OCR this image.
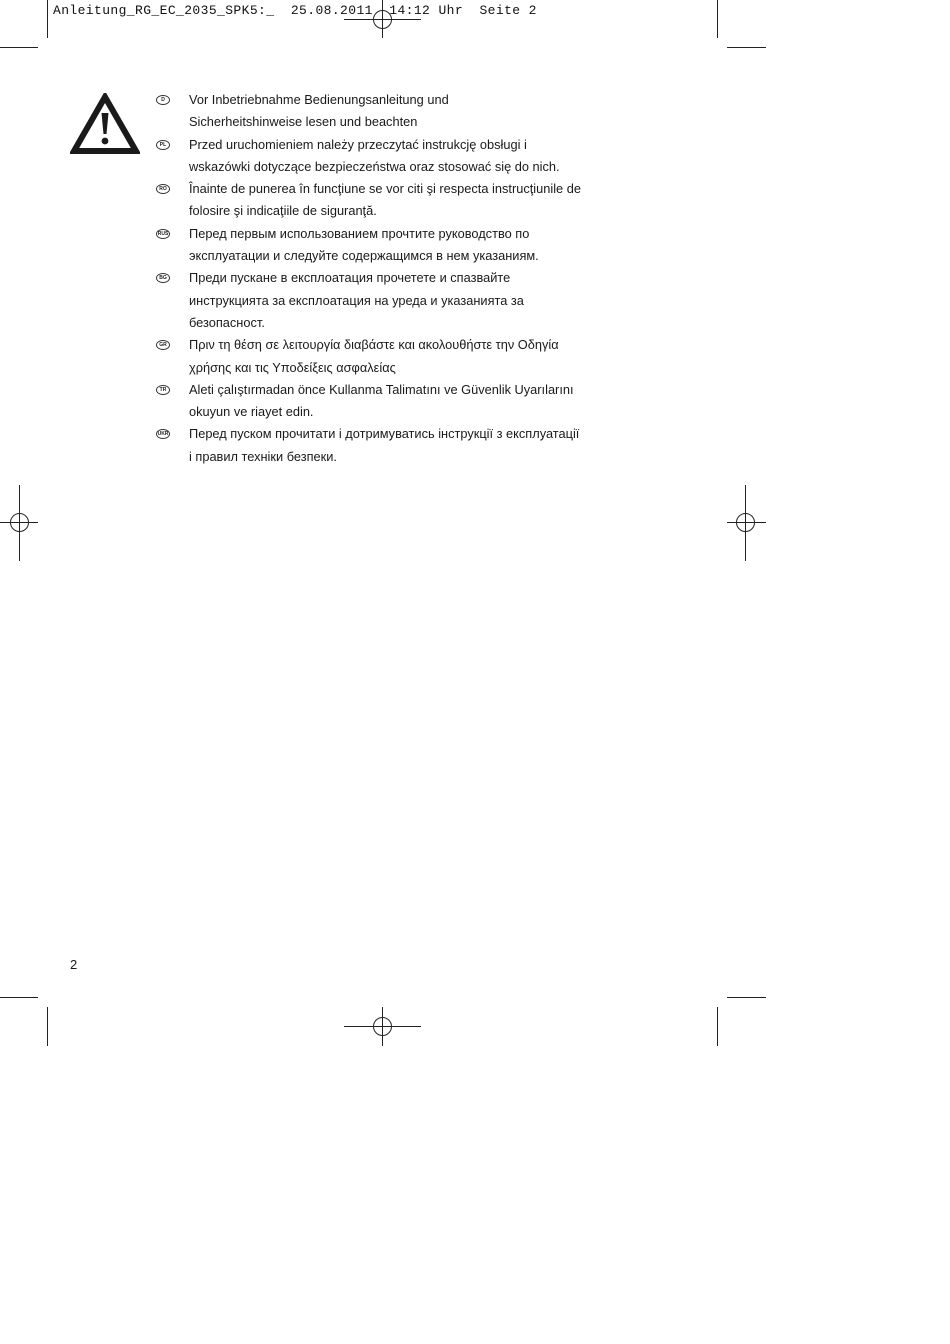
Anleitung_RG_EC_2035_SPK5:_  25.08.2011  14:12 Uhr  Seite 2
D	Vor Inbetriebnahme Bedienungsanleitung und
Sicherheitshinweise lesen und beachten
PL Przed uruchomieniem należy przeczytać instrukcję obsługi i
wskazówki dotyczące bezpieczeństwa oraz stosować się do nich.
RO Înainte de punerea în funcţiune se vor citi şi respecta instrucţiunile de
folosire şi indicaţiile de siguranţă.
RUS Перед первым использованием прочтите руководство по
эксплуатации и следуйте содержащимся в нем указаниям.
BG Преди пускане в експлоатация прочетете и спазвайте
инструкцията за експлоатация на уреда и указанията за
безопасност.
GR Πριν τη θέση σε λειτουργία διαβάστε και ακολουθήστε την Οδηγία
χρήσης και τις Υποδείξεις ασφαλείας
TR Aleti çalıştırmadan önce Kullanma Talimatını ve Güvenlik Uyarılarını
okuyun ve riayet edin.
UKR Перед пуском прочитати і дотримуватись інструкції з експлуатації
і правил техніки безпеки.
2
